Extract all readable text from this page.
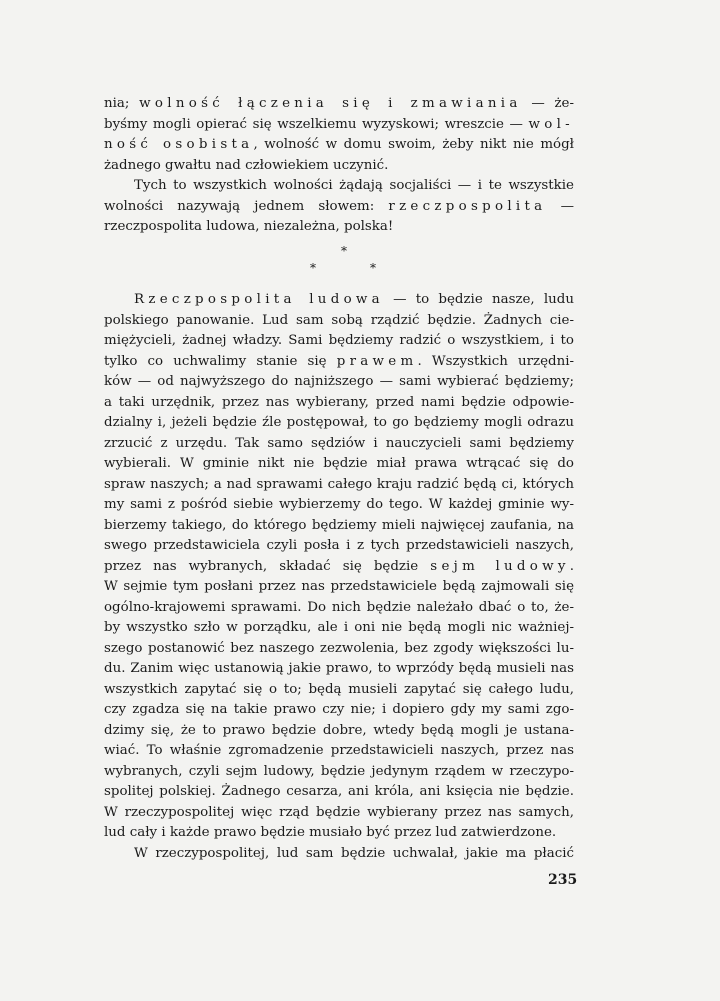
nia; wolność łączenia się i zmawiania — że-
byśmy mogli opierać się wszelkiemu wyzyskowi; wreszcie — wol-
ność osobista, wolność w domu swoim, żeby nikt nie mógł
żadnego gwałtu nad człowiekiem uczynić.
Tych to wszystkich wolności żądają socjaliści — i te wszystkie
wolności nazywają jednem słowem: rzeczpospolita —
rzeczpospolita ludowa, niezależna, polska!
*
*	*
Rzeczpospolita ludowa — to będzie nasze, ludu
polskiego panowanie. Lud sam sobą rządzić będzie. Żadnych cie-
miężycieli, żadnej władzy. Sami będziemy radzić o wszystkiem, i to
tylko co uchwalimy stanie się prawem. Wszystkich urzędni-
ków — od najwyższego do najniższego — sami wybierać będziemy;
a taki urzędnik, przez nas wybierany, przed nami będzie odpowie-
dzialny i, jeżeli będzie źle postępował, to go będziemy mogli odrazu
zrzucić z urzędu. Tak samo sędziów i nauczycieli sami będziemy
wybierali. W gminie nikt nie będzie miał prawa wtrącać się do
spraw naszych; a nad sprawami całego kraju radzić będą ci, których
my sami z pośród siebie wybierzemy do tego. W każdej gminie wy-
bierzemy takiego, do którego będziemy mieli najwięcej zaufania, na
swego przedstawiciela czyli posła i z tych przedstawicieli naszych,
przez nas wybranych, składać się będzie sejm ludowy.
W sejmie tym posłani przez nas przedstawiciele będą zajmowali się
ogólno-krajowemi sprawami. Do nich będzie należało dbać o to, że-
by wszystko szło w porządku, ale i oni nie będą mogli nic ważniej-
szego postanowić bez naszego zezwolenia, bez zgody większości lu-
du. Zanim więc ustanowią jakie prawo, to wprzódy będą musieli nas
wszystkich zapytać się o to; będą musieli zapytać się całego ludu,
czy zgadza się na takie prawo czy nie; i dopiero gdy my sami zgo-
dzimy się, że to prawo będzie dobre, wtedy będą mogli je ustana-
wiać. To właśnie zgromadzenie przedstawicieli naszych, przez nas
wybranych, czyli sejm ludowy, będzie jedynym rządem w rzeczypo-
spolitej polskiej. Żadnego cesarza, ani króla, ani księcia nie będzie.
W rzeczypospolitej więc rząd będzie wybierany przez nas samych,
lud cały i każde prawo będzie musiało być przez lud zatwierdzone.
W rzeczypospolitej, lud sam będzie uchwalał, jakie ma płacić
235
